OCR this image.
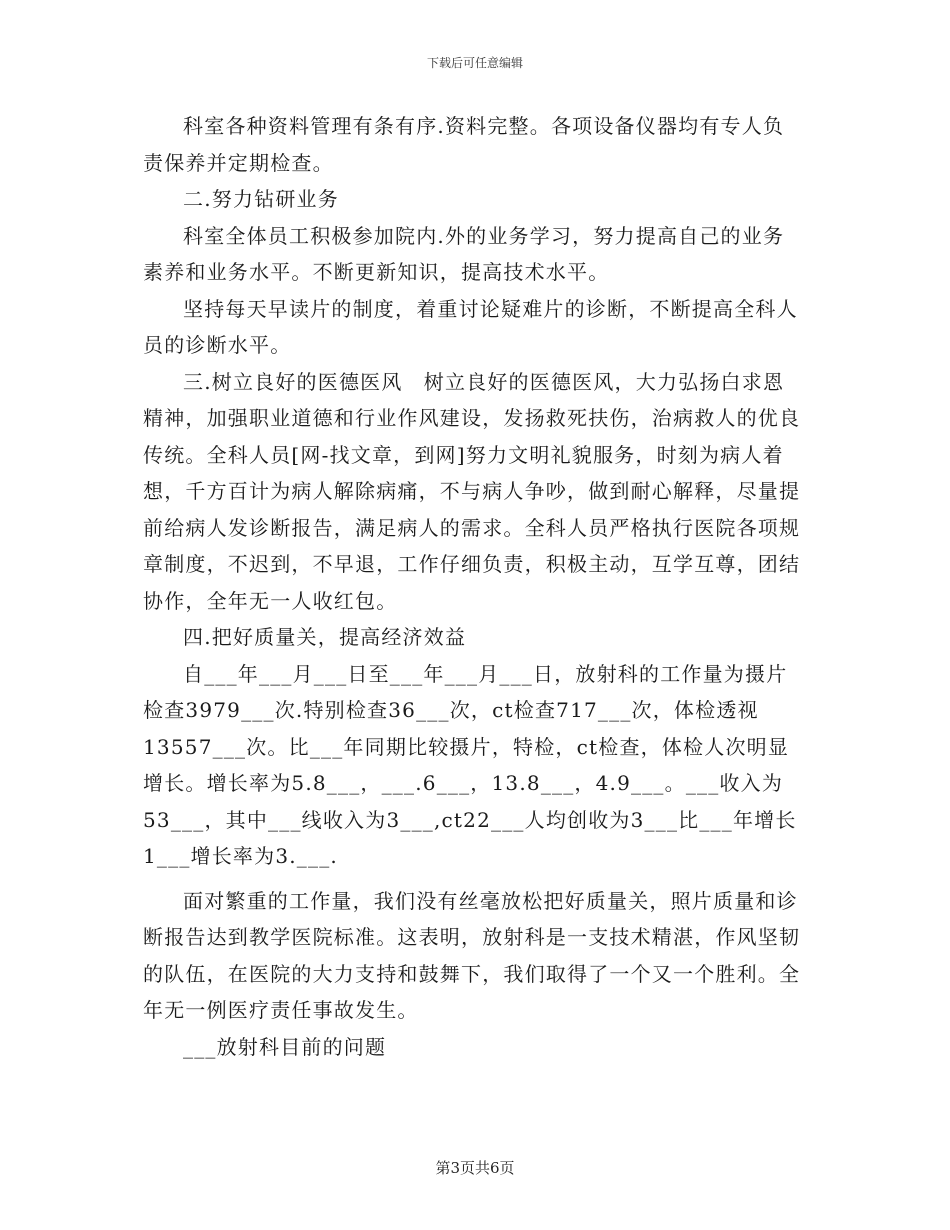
下载后可任意编辑

科室各种资料管理有条有序.资料完整。各项设备仪器均有专人负责保养并定期检查。

二.努力钻研业务

科室全体员工积极参加院内.外的业务学习，努力提高自己的业务素养和业务水平。不断更新知识，提高技术水平。

坚持每天早读片的制度，着重讨论疑难片的诊断，不断提高全科人员的诊断水平。

三.树立良好的医德医风　树立良好的医德医风，大力弘扬白求恩精神，加强职业道德和行业作风建设，发扬救死扶伤，治病救人的优良传统。全科人员[网-找文章，到网]努力文明礼貌服务，时刻为病人着想，千方百计为病人解除病痛，不与病人争吵，做到耐心解释，尽量提前给病人发诊断报告，满足病人的需求。全科人员严格执行医院各项规章制度，不迟到，不早退，工作仔细负责，积极主动，互学互尊，团结协作，全年无一人收红包。

四.把好质量关，提高经济效益

自___年___月___日至___年___月___日，放射科的工作量为摄片检查3979___次.特别检查36___次，ct检查717___次，体检透视13557___次。比___年同期比较摄片，特检，ct检查，体检人次明显增长。增长率为5.8___，___.6___，13.8___，4.9___。___收入为53___，其中___线收入为3___,ct22___人均创收为3___比___年增长1___增长率为3.___.

面对繁重的工作量，我们没有丝毫放松把好质量关，照片质量和诊断报告达到教学医院标准。这表明，放射科是一支技术精湛，作风坚韧的队伍，在医院的大力支持和鼓舞下，我们取得了一个又一个胜利。全年无一例医疗责任事故发生。

___放射科目前的问题

第3页共6页
